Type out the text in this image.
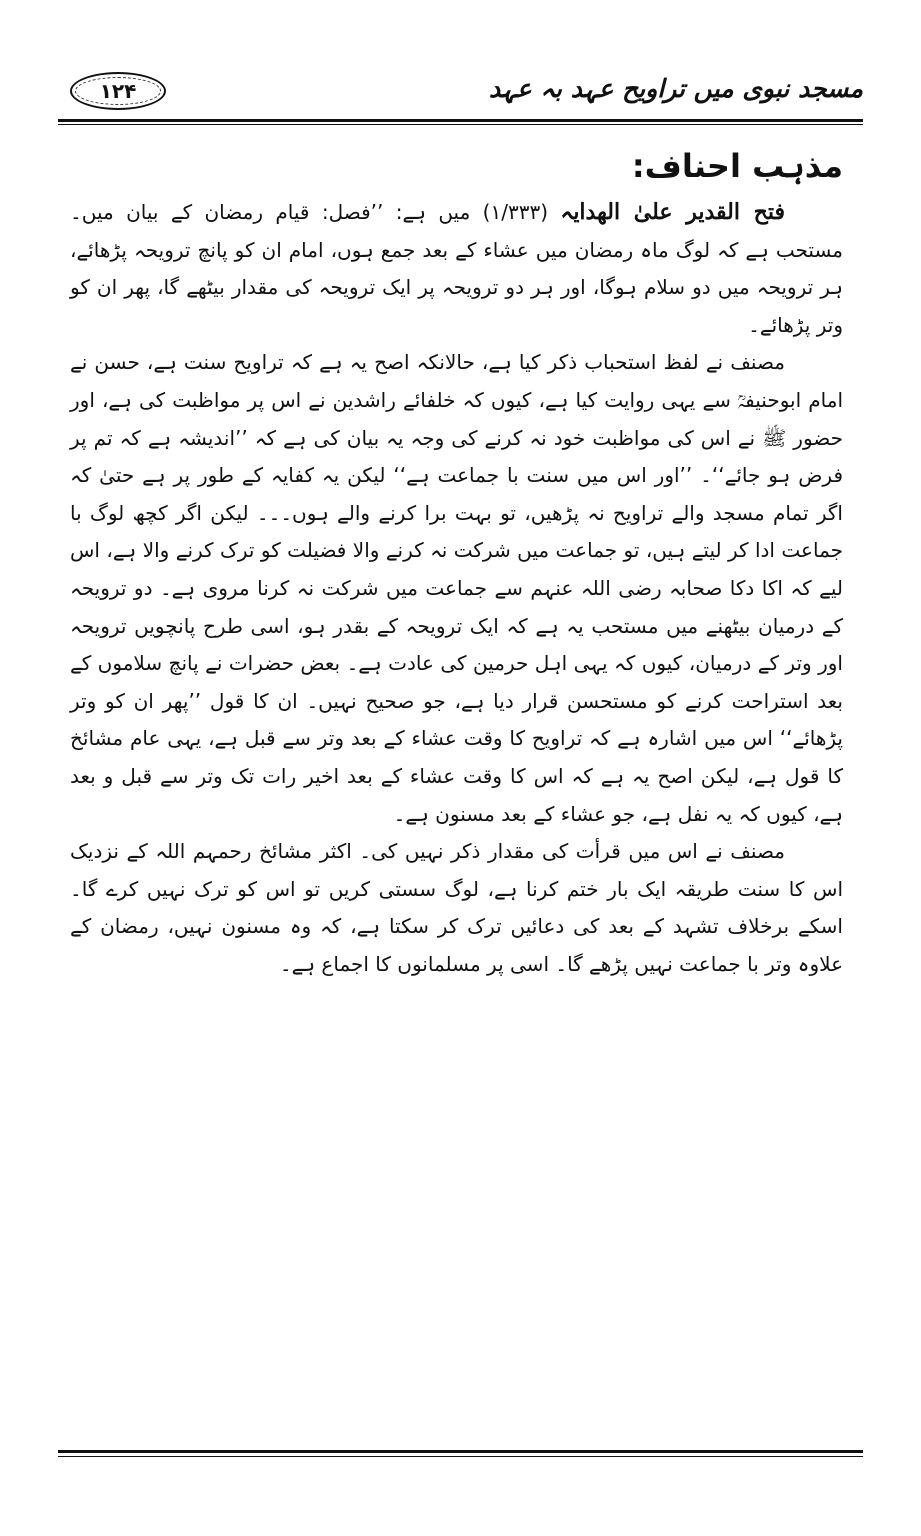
مسجد نبوی میں تراویح عہد بہ عہد
۱۲۴
مذہب احناف:

فتح القدیر علیٰ الھدایہ (۱/۳۳۳) میں ہے: ’’فصل: قیام رمضان کے بیان میں۔ مستحب ہے کہ لوگ ماہ رمضان میں عشاء کے بعد جمع ہوں، امام ان کو پانچ ترویحہ پڑھائے، ہر ترویحہ میں دو سلام ہوگا، اور ہر دو ترویحہ پر ایک ترویحہ کی مقدار بیٹھے گا، پھر ان کو وتر پڑھائے۔

مصنف نے لفظ استحباب ذکر کیا ہے، حالانکہ اصح یہ ہے کہ تراویح سنت ہے، حسن نے امام ابوحنیفہؒ سے یہی روایت کیا ہے، کیوں کہ خلفائے راشدین نے اس پر مواظبت کی ہے، اور حضور ﷺ نے اس کی مواظبت خود نہ کرنے کی وجہ یہ بیان کی ہے کہ ’’اندیشہ ہے کہ تم پر فرض ہو جائے‘‘۔ ’’اور اس میں سنت با جماعت ہے‘‘ لیکن یہ کفایہ کے طور پر ہے حتیٰ کہ اگر تمام مسجد والے تراویح نہ پڑھیں، تو بہت برا کرنے والے ہوں۔۔۔ لیکن اگر کچھ لوگ با جماعت ادا کر لیتے ہیں، تو جماعت میں شرکت نہ کرنے والا فضیلت کو ترک کرنے والا ہے، اس لیے کہ اکا دکا صحابہ رضی اللہ عنہم سے جماعت میں شرکت نہ کرنا مروی ہے۔ دو ترویحہ کے درمیان بیٹھنے میں مستحب یہ ہے کہ ایک ترویحہ کے بقدر ہو، اسی طرح پانچویں ترویحہ اور وتر کے درمیان، کیوں کہ یہی اہل حرمین کی عادت ہے۔ بعض حضرات نے پانچ سلاموں کے بعد استراحت کرنے کو مستحسن قرار دیا ہے، جو صحیح نہیں۔ ان کا قول ’’پھر ان کو وتر پڑھائے‘‘ اس میں اشارہ ہے کہ تراویح کا وقت عشاء کے بعد وتر سے قبل ہے، یہی عام مشائخ کا قول ہے، لیکن اصح یہ ہے کہ اس کا وقت عشاء کے بعد اخیر رات تک وتر سے قبل و بعد ہے، کیوں کہ یہ نفل ہے، جو عشاء کے بعد مسنون ہے۔

مصنف نے اس میں قرأت کی مقدار ذکر نہیں کی۔ اکثر مشائخ رحمہم اللہ کے نزدیک اس کا سنت طریقہ ایک بار ختم کرنا ہے، لوگ سستی کریں تو اس کو ترک نہیں کرے گا۔ اسکے برخلاف تشہد کے بعد کی دعائیں ترک کر سکتا ہے، کہ وہ مسنون نہیں، رمضان کے علاوہ وتر با جماعت نہیں پڑھے گا۔ اسی پر مسلمانوں کا اجماع ہے۔
